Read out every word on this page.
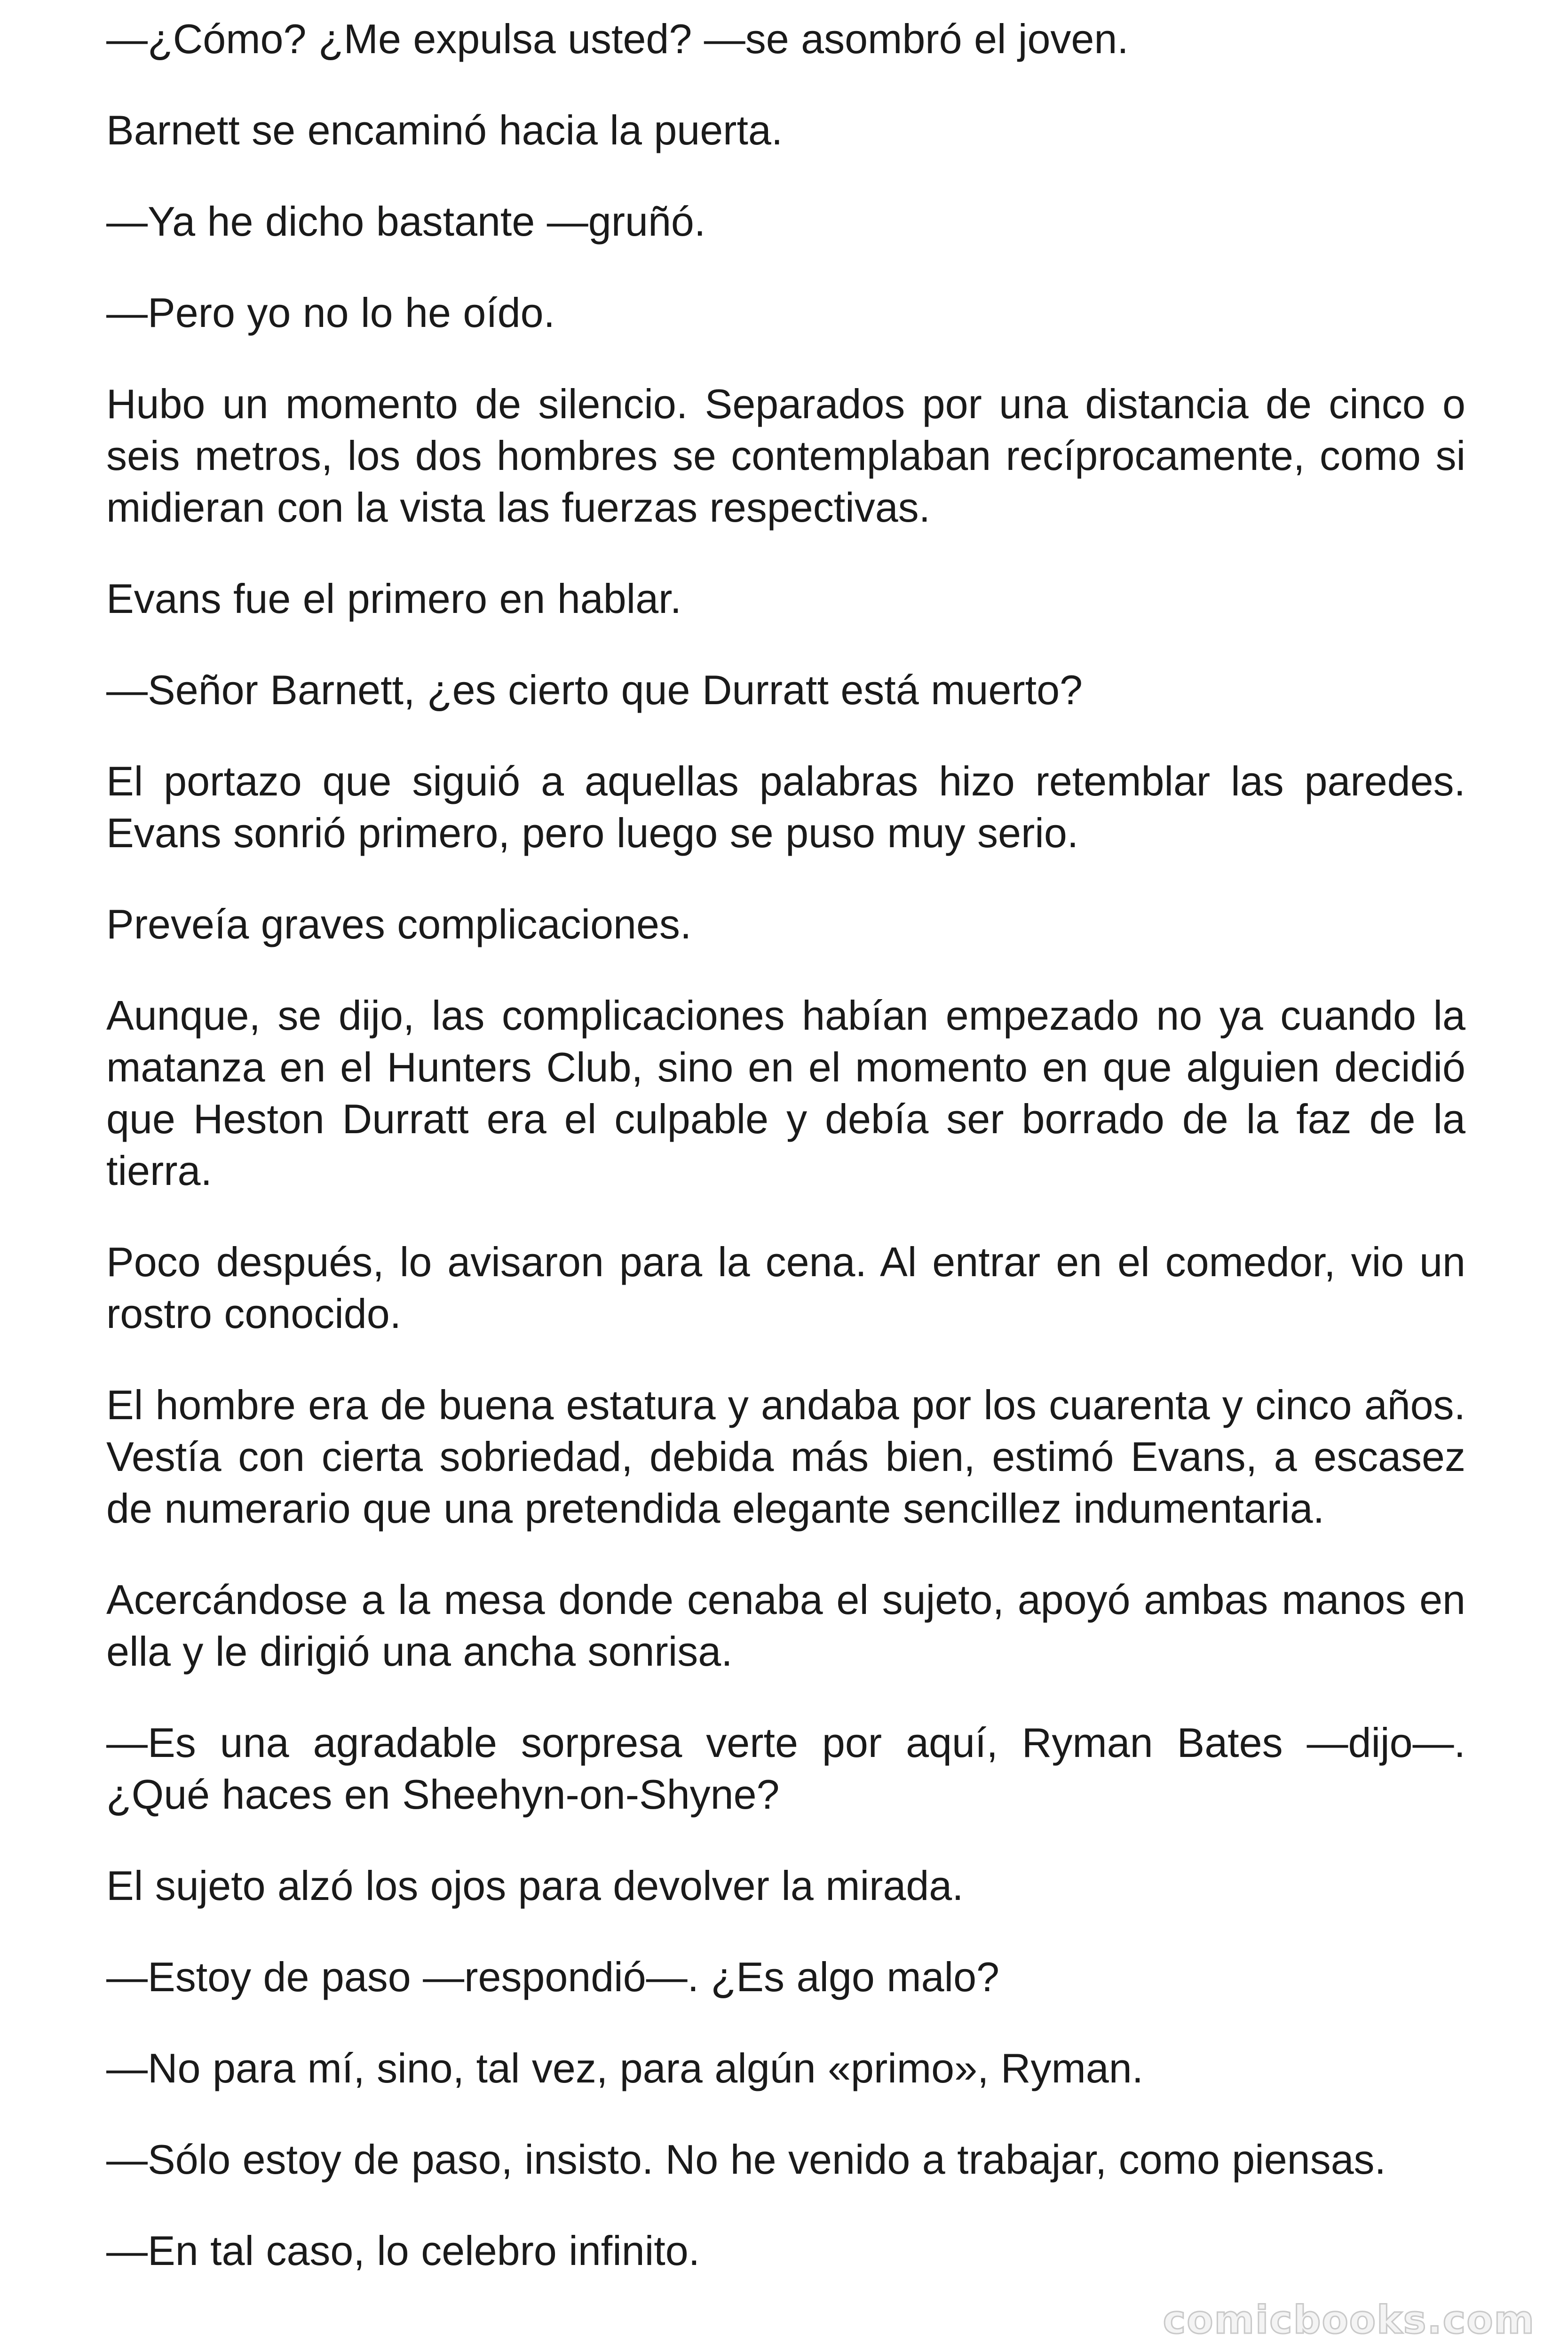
—¿Cómo? ¿Me expulsa usted? —se asombró el joven.

Barnett se encaminó hacia la puerta.

—Ya he dicho bastante —gruñó.

—Pero yo no lo he oído.

Hubo un momento de silencio. Separados por una distancia de cinco o seis metros, los dos hombres se contemplaban recíprocamente, como si midieran con la vista las fuerzas respectivas.

Evans fue el primero en hablar.

—Señor Barnett, ¿es cierto que Durratt está muerto?

El portazo que siguió a aquellas palabras hizo retemblar las paredes. Evans sonrió primero, pero luego se puso muy serio.

Preveía graves complicaciones.

Aunque, se dijo, las complicaciones habían empezado no ya cuando la matanza en el Hunters Club, sino en el momento en que alguien decidió que Heston Durratt era el culpable y debía ser borrado de la faz de la tierra.

Poco después, lo avisaron para la cena. Al entrar en el comedor, vio un rostro conocido.

El hombre era de buena estatura y andaba por los cuarenta y cinco años. Vestía con cierta sobriedad, debida más bien, estimó Evans, a escasez de numerario que una pretendida elegante sencillez indumentaria.

Acercándose a la mesa donde cenaba el sujeto, apoyó ambas manos en ella y le dirigió una ancha sonrisa.

—Es una agradable sorpresa verte por aquí, Ryman Bates —dijo—. ¿Qué haces en Sheehyn-on-Shyne?

El sujeto alzó los ojos para devolver la mirada.

—Estoy de paso —respondió—. ¿Es algo malo?

—No para mí, sino, tal vez, para algún «primo», Ryman.

—Sólo estoy de paso, insisto. No he venido a trabajar, como piensas.

—En tal caso, lo celebro infinito.

comicbooks.com
